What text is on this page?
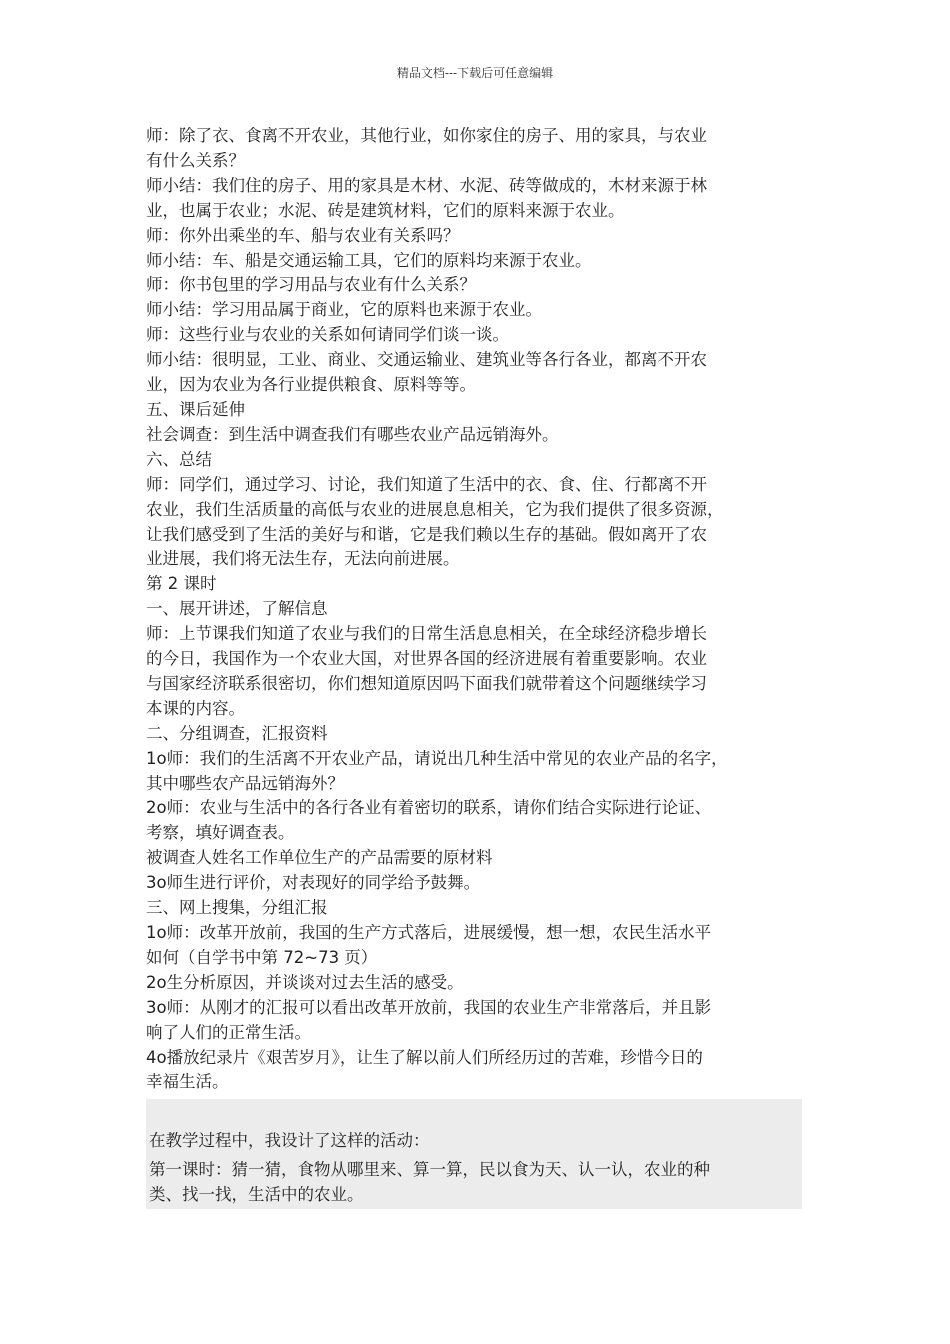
精品文档---下载后可任意编辑
师：除了衣、食离不开农业，其他行业，如你家住的房子、用的家具，与农业
有什么关系？
师小结：我们住的房子、用的家具是木材、水泥、砖等做成的，木材来源于林
业，也属于农业；水泥、砖是建筑材料，它们的原料来源于农业。
师：你外出乘坐的车、船与农业有关系吗？
师小结：车、船是交通运输工具，它们的原料均来源于农业。
师：你书包里的学习用品与农业有什么关系？
师小结：学习用品属于商业，它的原料也来源于农业。
师：这些行业与农业的关系如何请同学们谈一谈。
师小结：很明显，工业、商业、交通运输业、建筑业等各行各业，都离不开农
业，因为农业为各行业提供粮食、原料等等。
五、课后延伸
社会调查：到生活中调查我们有哪些农业产品远销海外。
六、总结
师：同学们，通过学习、讨论，我们知道了生活中的衣、食、住、行都离不开
农业，我们生活质量的高低与农业的进展息息相关，它为我们提供了很多资源，
让我们感受到了生活的美好与和谐，它是我们赖以生存的基础。假如离开了农
业进展，我们将无法生存，无法向前进展。
第 2 课时
一、展开讲述，了解信息
师：上节课我们知道了农业与我们的日常生活息息相关，在全球经济稳步增长
的今日，我国作为一个农业大国，对世界各国的经济进展有着重要影响。农业
与国家经济联系很密切，你们想知道原因吗下面我们就带着这个问题继续学习
本课的内容。
二、分组调查，汇报资料
1o师：我们的生活离不开农业产品，请说出几种生活中常见的农业产品的名字，
其中哪些农产品远销海外？
2o师：农业与生活中的各行各业有着密切的联系，请你们结合实际进行论证、
考察，填好调查表。
被调查人姓名工作单位生产的产品需要的原材料
3o师生进行评价，对表现好的同学给予鼓舞。
三、网上搜集，分组汇报
1o师：改革开放前，我国的生产方式落后，进展缓慢，想一想，农民生活水平
如何（自学书中第 72~73 页）
2o生分析原因，并谈谈对过去生活的感受。
3o师：从刚才的汇报可以看出改革开放前，我国的农业生产非常落后，并且影
响了人们的正常生活。
4o播放纪录片《艰苦岁月》，让生了解以前人们所经历过的苦难，珍惜今日的
幸福生活。
在教学过程中，我设计了这样的活动：
第一课时：猜一猜，食物从哪里来、算一算，民以食为天、认一认，农业的种
类、找一找，生活中的农业。
